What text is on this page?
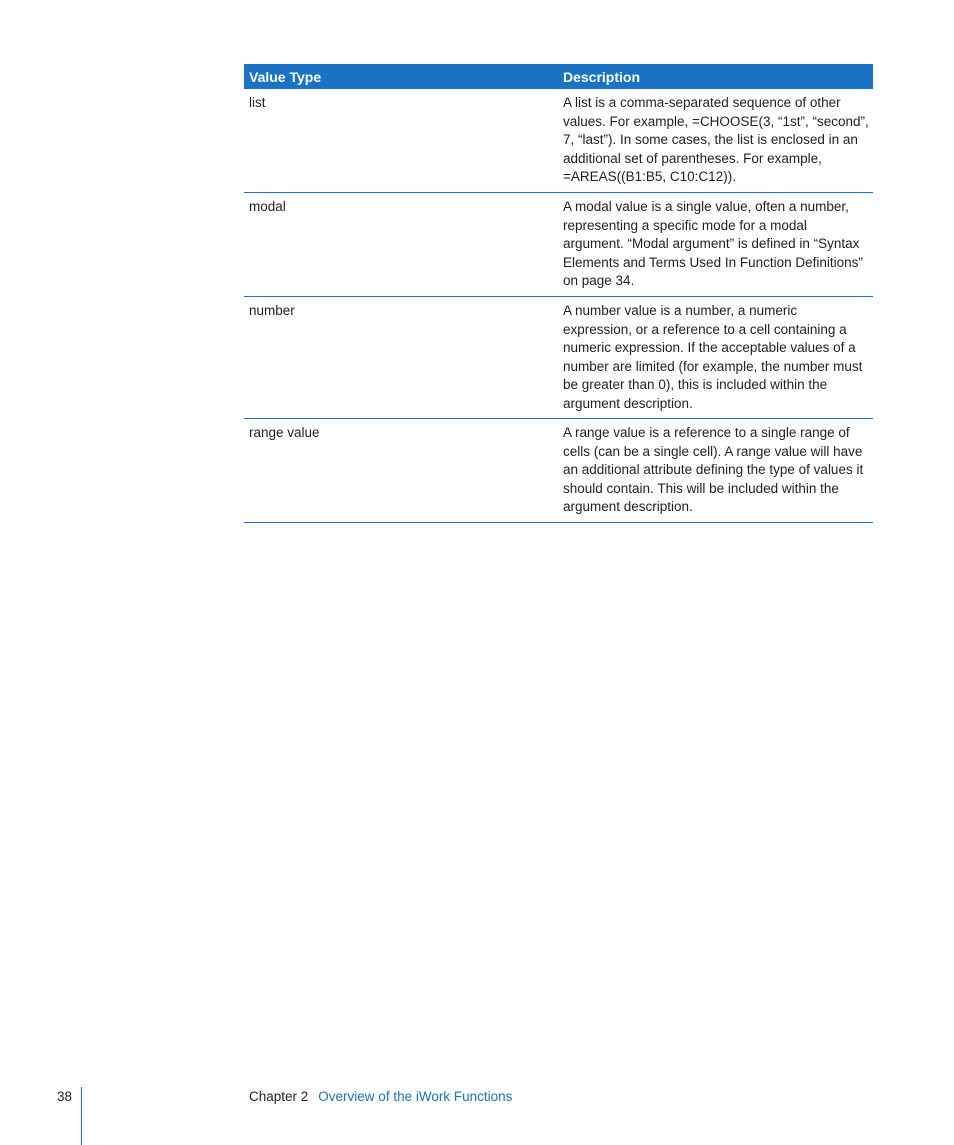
Value Type	Description
list	A list is a comma-separated sequence of other values. For example, =CHOOSE(3, “1st”, “second”, 7, “last”). In some cases, the list is enclosed in an additional set of parentheses. For example, =AREAS((B1:B5, C10:C12)).
modal	A modal value is a single value, often a number, representing a specific mode for a modal argument. “Modal argument” is defined in “Syntax Elements and Terms Used In Function Definitions” on page 34.
number	A number value is a number, a numeric expression, or a reference to a cell containing a numeric expression. If the acceptable values of a number are limited (for example, the number must be greater than 0), this is included within the argument description.
range value	A range value is a reference to a single range of cells (can be a single cell). A range value will have an additional attribute defining the type of values it should contain. This will be included within the argument description.
38	Chapter 2 Overview of the iWork Functions
